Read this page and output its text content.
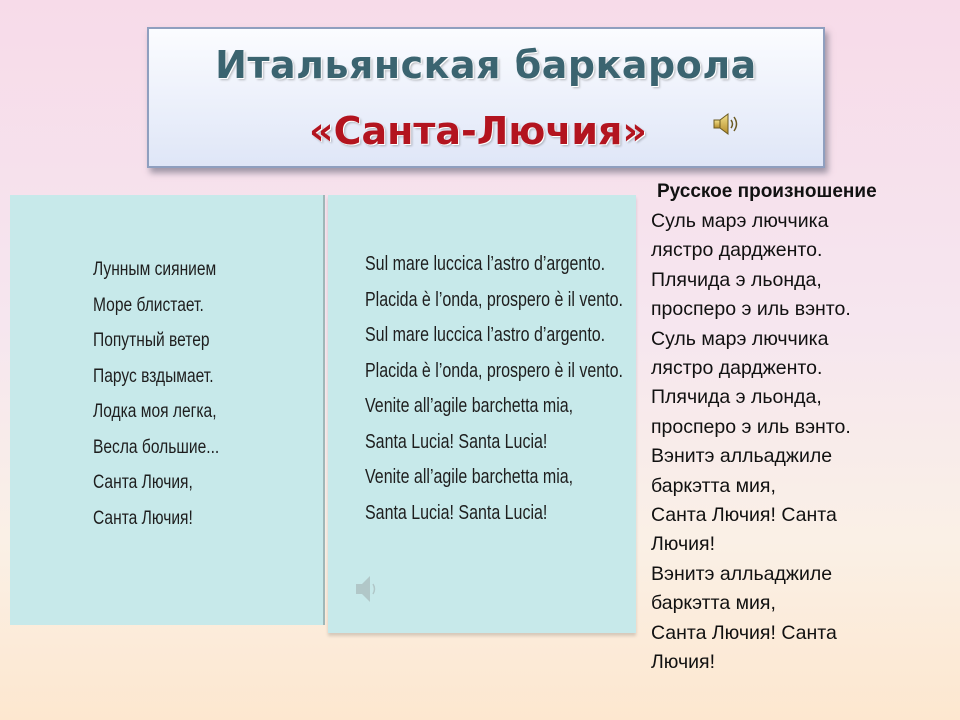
Итальянская баркарола
«Санта-Лючия»
Лунным сиянием
Море блистает.
Попутный ветер
Парус вздымает.
Лодка моя легка,
Весла большие...
Санта Лючия,
Санта Лючия!
Sul mare luccica l’astro d’argento.
Placida è l’onda, prospero è il vento.
Sul mare luccica l’astro d’argento.
Placida è l’onda, prospero è il vento.
Venite all’agile barchetta mia,
Santa Lucia! Santa Lucia!
Venite all’agile barchetta mia,
Santa Lucia! Santa Lucia!
Русское произношение
Суль марэ люччика
лястро дардженто.
Плячида э льонда,
просперо э иль вэнто.
Суль марэ люччика
лястро дардженто.
Плячида э льонда,
просперо э иль вэнто.
Вэнитэ алльаджиле
баркэтта мия,
Санта Лючия! Санта
Лючия!
Вэнитэ алльаджиле
баркэтта мия,
Санта Лючия! Санта
Лючия!
